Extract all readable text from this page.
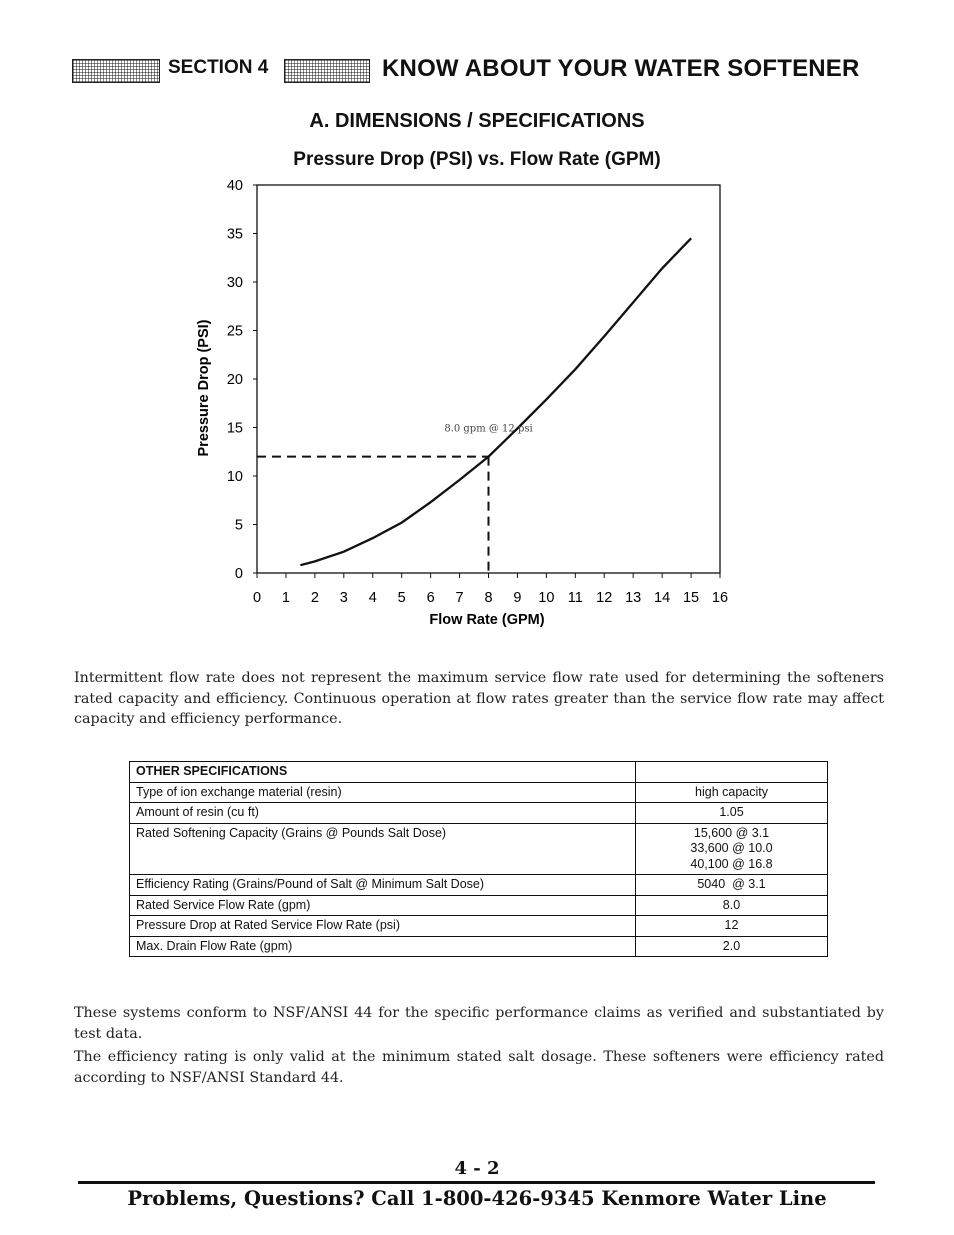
SECTION 4	KNOW ABOUT YOUR WATER SOFTENER
A. DIMENSIONS / SPECIFICATIONS
Pressure Drop (PSI) vs. Flow Rate (GPM)
0
5
10
15
20
25
30
35
40
0 1 2 3 4 5 6 7 8 9 10 11 12 13 14 15 16
8.0 gpm @ 12 psi
Flow Rate (GPM)
Pressure Drop (PSI)
Intermittent flow rate does not represent the maximum service flow rate used for determining the softeners rated capacity and efficiency. Continuous operation at flow rates greater than the service flow rate may affect capacity and efficiency performance.
OTHER SPECIFICATIONS	
Type of ion exchange material (resin)	high capacity
Amount of resin (cu ft)	1.05
Rated Softening Capacity (Grains @ Pounds Salt Dose)	15,600 @ 3.1
33,600 @ 10.0
40,100 @ 16.8

Efficiency Rating (Grains/Pound of Salt @ Minimum Salt Dose)	5040  @ 3.1
Rated Service Flow Rate (gpm)	8.0
Pressure Drop at Rated Service Flow Rate (psi)	12
Max. Drain Flow Rate (gpm)	2.0
These systems conform to NSF/ANSI 44 for the specific performance claims as verified and substantiated by test data.
The efficiency rating is only valid at the minimum stated salt dosage. These softeners were efficiency rated according to NSF/ANSI Standard 44.
4 - 2
Problems, Questions? Call 1-800-426-9345 Kenmore Water Line
